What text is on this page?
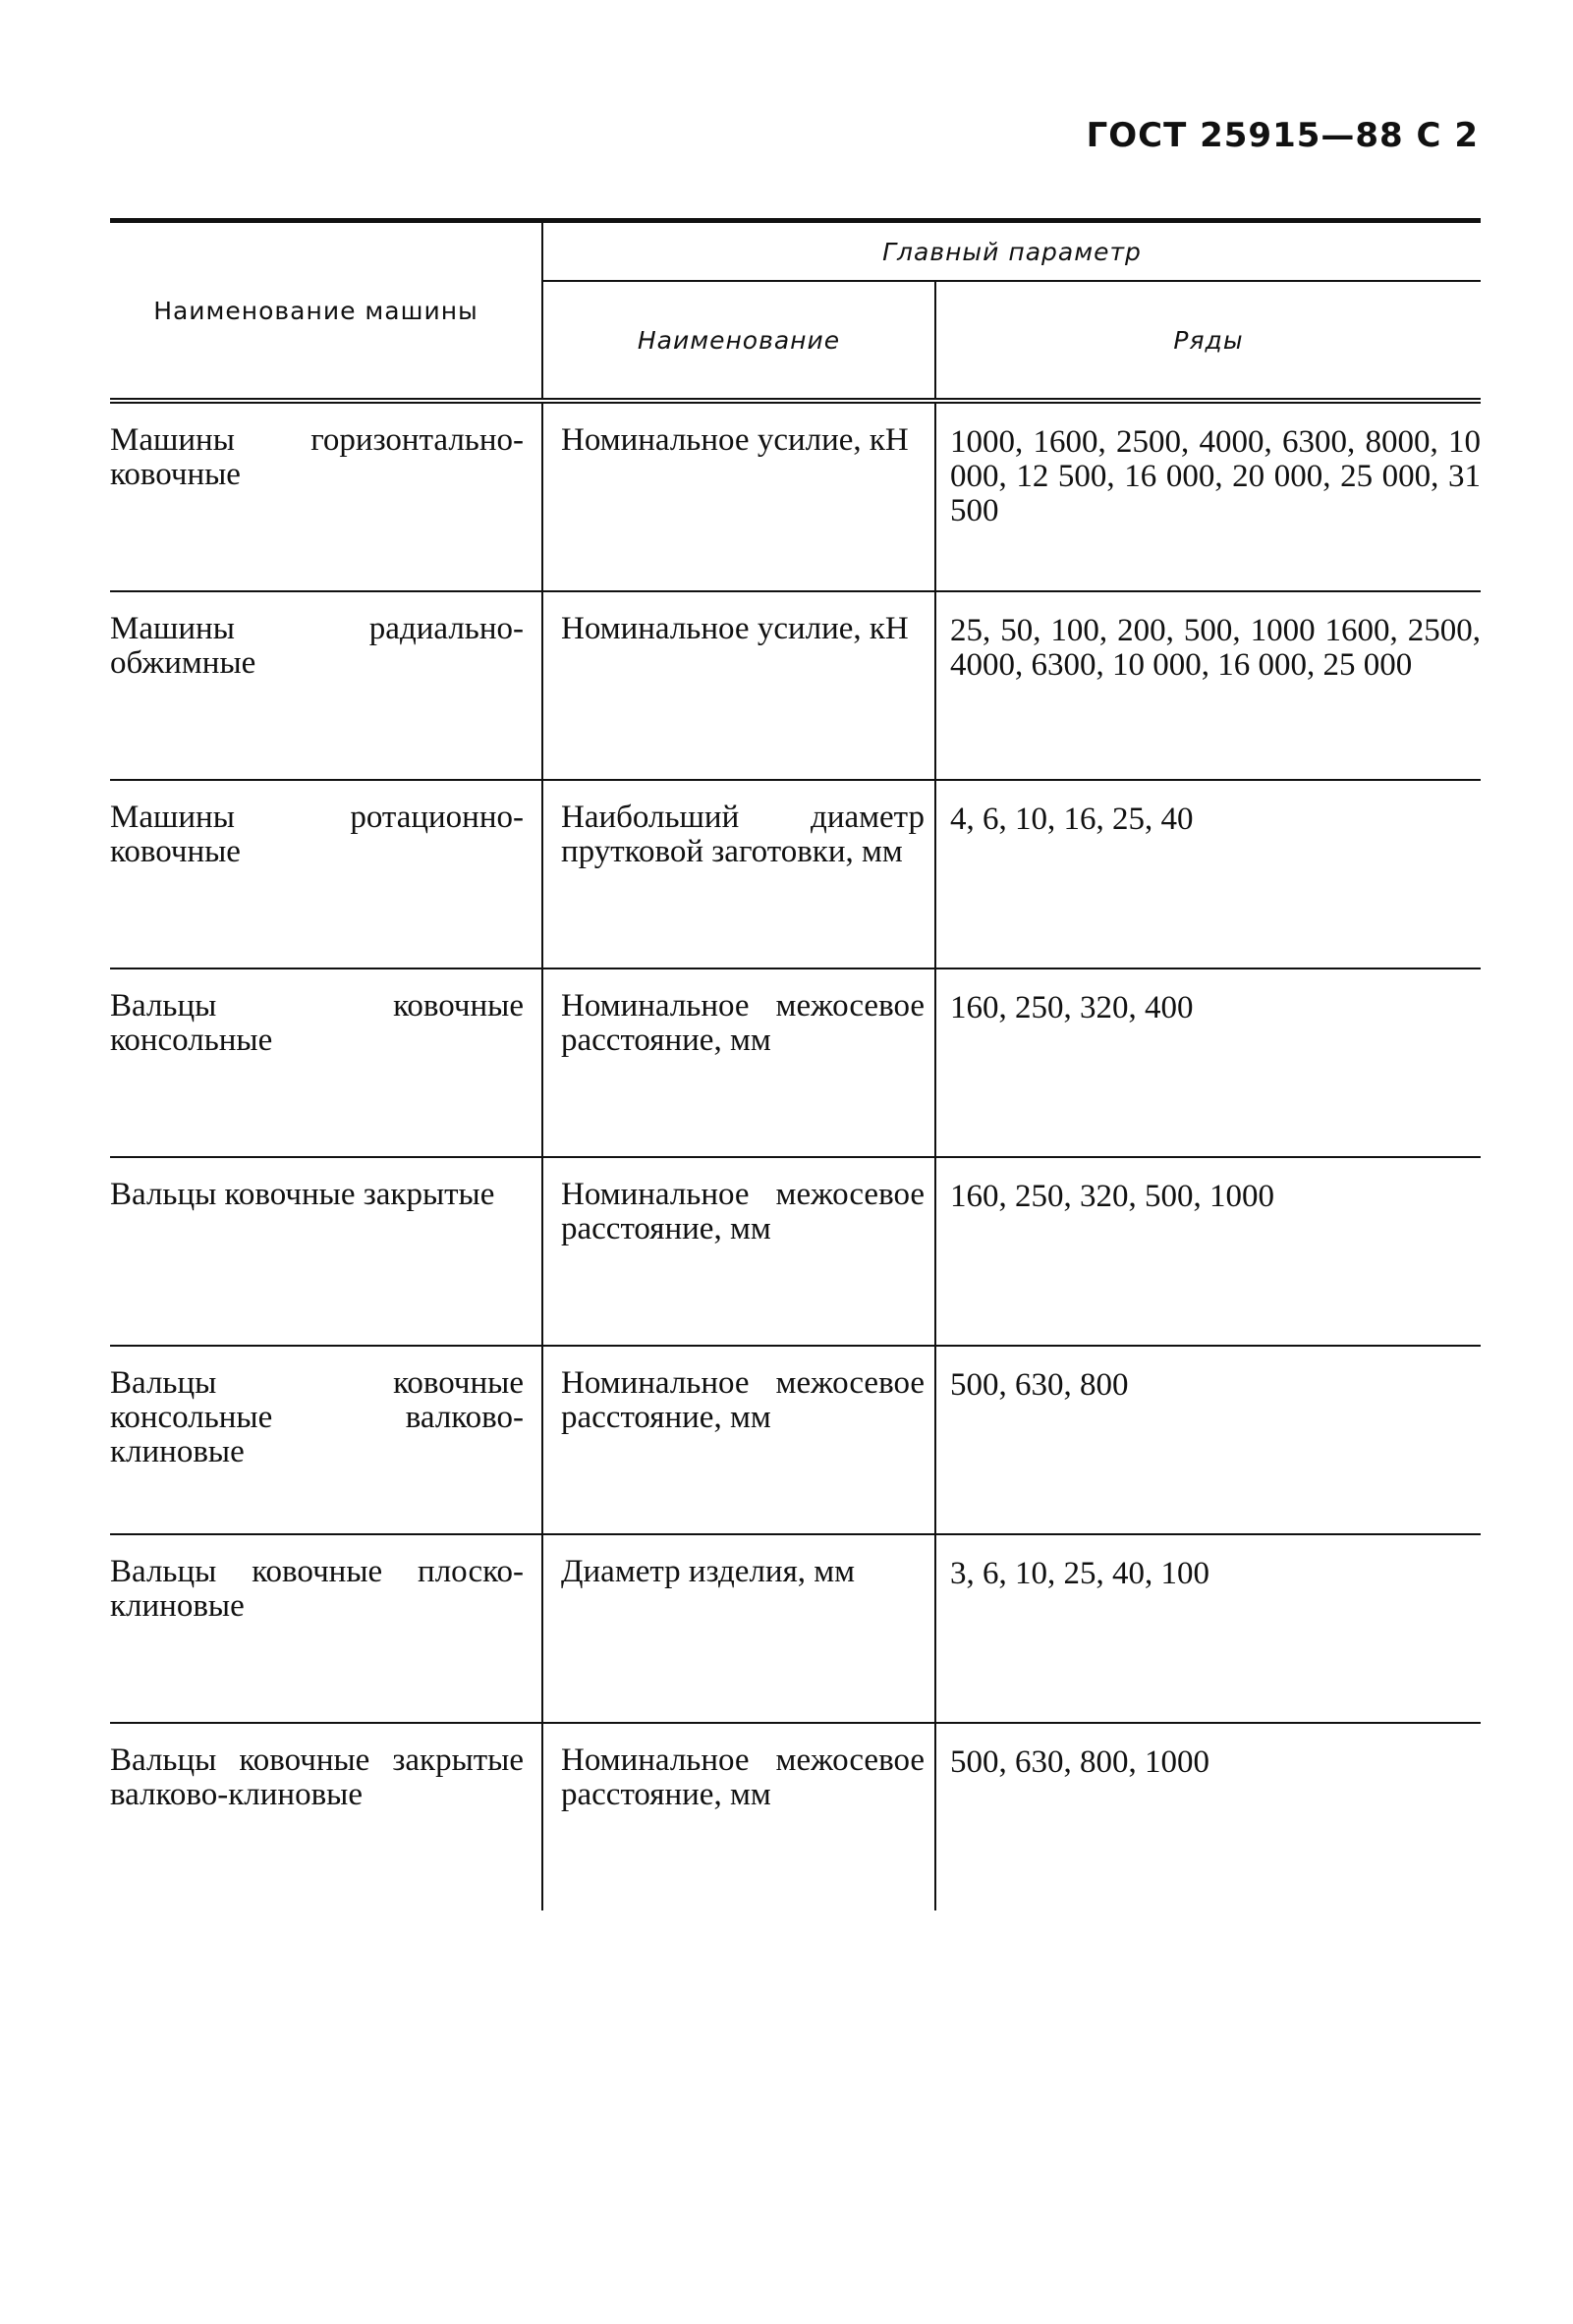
ГОСТ 25915—88 С 2
Наименование машины	Главный параметр	
	Наименование	Ряды

Машины горизонтально-ковочные	Номинальное усилие, кН	1000, 1600, 2500, 4000, 6300, 8000, 10 000, 12 500, 16 000, 20 000, 25 000, 31 500

Машины радиально-обжимные	Номинальное усилие, кН	25, 50, 100, 200, 500, 1000 1600, 2500, 4000, 6300, 10 000, 16 000, 25 000

Машины ротационно-ковочные	Наибольший диаметр прутковой заготовки, мм	4, 6, 10, 16, 25, 40

Вальцы ковочные консольные	Номинальное межосевое расстояние, мм	160, 250, 320, 400

Вальцы ковочные закрытые	Номинальное межосевое расстояние, мм	160, 250, 320, 500, 1000

Вальцы ковочные консольные валково-клиновые	Номинальное межосевое расстояние, мм	500, 630, 800

Вальцы ковочные плоско-клиновые	Диаметр изделия, мм	3, 6, 10, 25, 40, 100

Вальцы ковочные закрытые валково-клиновые	Номинальное межосевое расстояние, мм	500, 630, 800, 1000
